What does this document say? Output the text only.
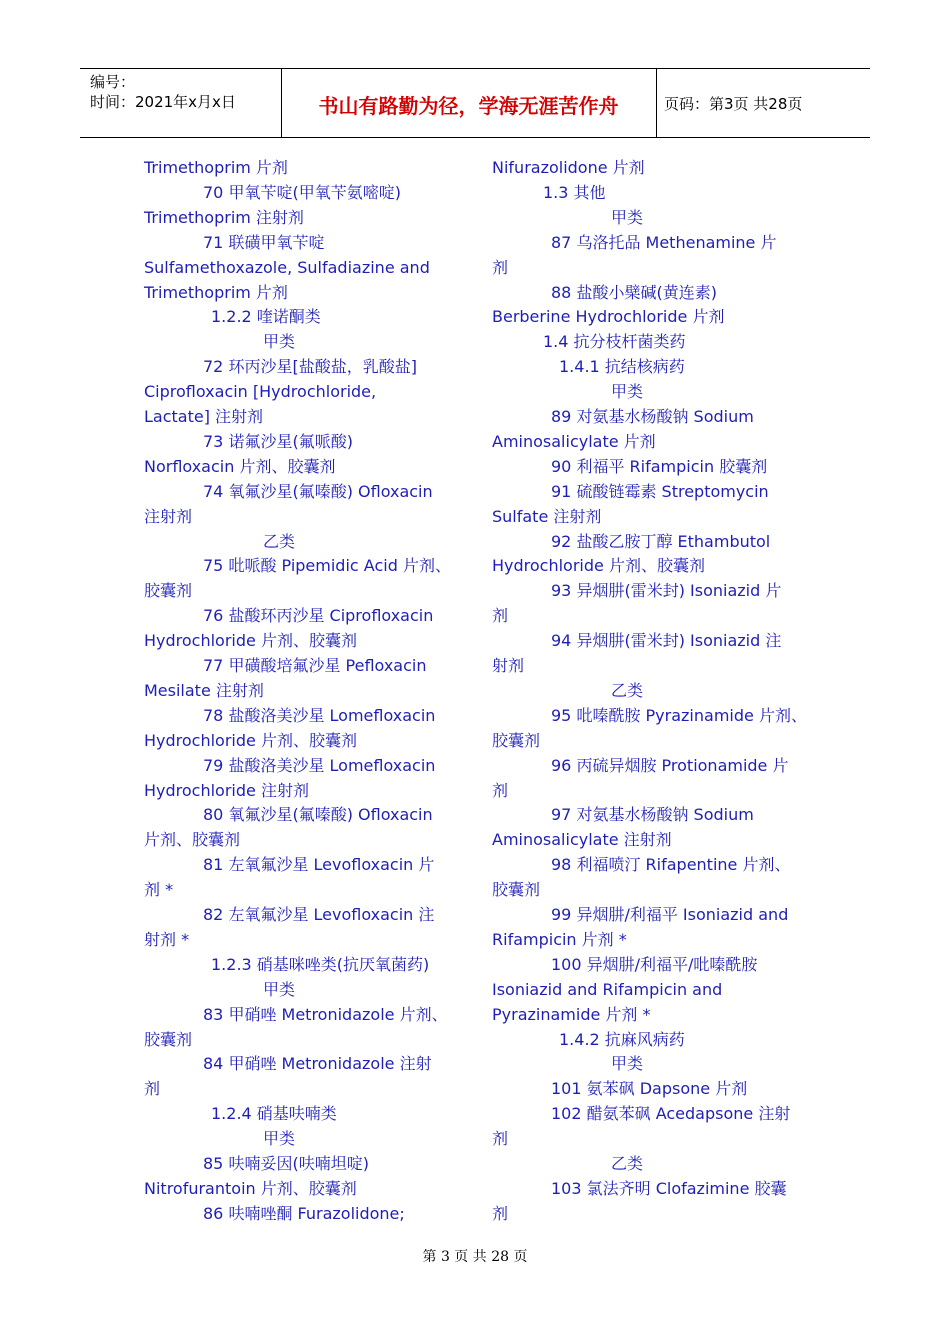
编号：
时间：2021年x月x日	书山有路勤为径，学海无涯苦作舟	页码：第3页 共28页
Trimethoprim 片剂
70 甲氧苄啶(甲氧苄氨嘧啶)
Trimethoprim 注射剂
71 联磺甲氧苄啶
Sulfamethoxazole, Sulfadiazine and
Trimethoprim 片剂
1.2.2 喹诺酮类
甲类
72 环丙沙星[盐酸盐，乳酸盐]
Ciprofloxacin [Hydrochloride,
Lactate] 注射剂
73 诺氟沙星(氟哌酸)
Norfloxacin 片剂、胶囊剂
74 氧氟沙星(氟嗪酸) Ofloxacin
注射剂
乙类
75 吡哌酸 Pipemidic Acid 片剂、
胶囊剂
76 盐酸环丙沙星 Ciprofloxacin
Hydrochloride 片剂、胶囊剂
77 甲磺酸培氟沙星 Pefloxacin
Mesilate 注射剂
78 盐酸洛美沙星 Lomefloxacin
Hydrochloride 片剂、胶囊剂
79 盐酸洛美沙星 Lomefloxacin
Hydrochloride 注射剂
80 氧氟沙星(氟嗪酸) Ofloxacin
片剂、胶囊剂
81 左氧氟沙星 Levofloxacin 片
剂 *
82 左氧氟沙星 Levofloxacin 注
射剂 *
1.2.3 硝基咪唑类(抗厌氧菌药)
甲类
83 甲硝唑 Metronidazole 片剂、
胶囊剂
84 甲硝唑 Metronidazole 注射
剂
1.2.4 硝基呋喃类
甲类
85 呋喃妥因(呋喃坦啶)
Nitrofurantoin 片剂、胶囊剂
86 呋喃唑酮 Furazolidone;
Nifurazolidone 片剂
1.3 其他
甲类
87 乌洛托品 Methenamine 片
剂
88 盐酸小檗碱(黄连素)
Berberine Hydrochloride 片剂
1.4 抗分枝杆菌类药
1.4.1 抗结核病药
甲类
89 对氨基水杨酸钠 Sodium
Aminosalicylate 片剂
90 利福平 Rifampicin 胶囊剂
91 硫酸链霉素 Streptomycin
Sulfate 注射剂
92 盐酸乙胺丁醇 Ethambutol
Hydrochloride 片剂、胶囊剂
93 异烟肼(雷米封) Isoniazid 片
剂
94 异烟肼(雷米封) Isoniazid 注
射剂
乙类
95 吡嗪酰胺 Pyrazinamide 片剂、
胶囊剂
96 丙硫异烟胺 Protionamide 片
剂
97 对氨基水杨酸钠 Sodium
Aminosalicylate 注射剂
98 利福喷汀 Rifapentine 片剂、
胶囊剂
99 异烟肼/利福平 Isoniazid and
Rifampicin 片剂 *
100 异烟肼/利福平/吡嗪酰胺
Isoniazid and Rifampicin and
Pyrazinamide 片剂 *
1.4.2 抗麻风病药
甲类
101 氨苯砜 Dapsone 片剂
102 醋氨苯砜 Acedapsone 注射
剂
乙类
103 氯法齐明 Clofazimine 胶囊
剂
第 3 页 共 28 页
